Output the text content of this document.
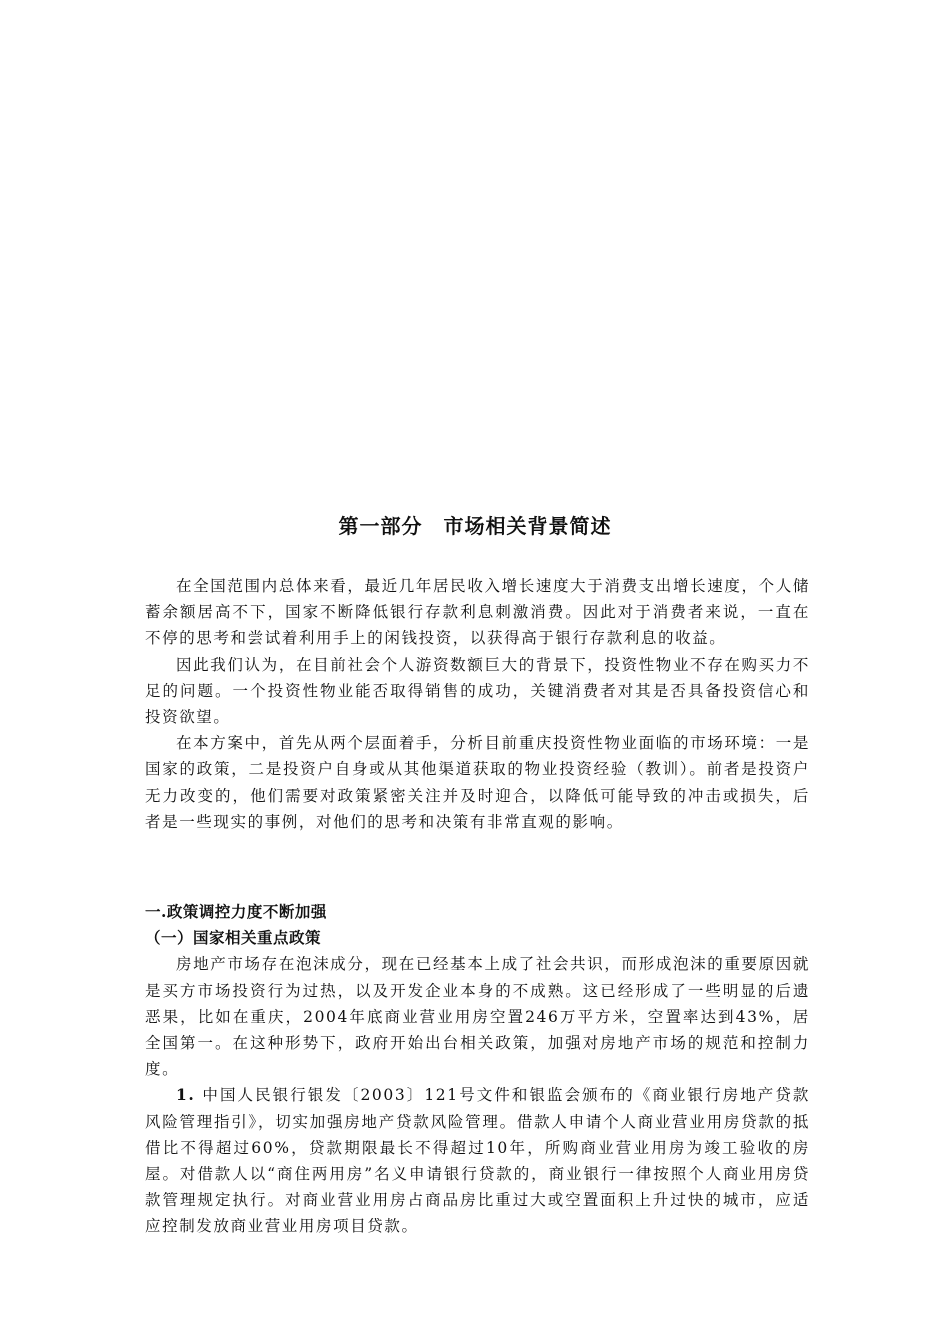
第一部分　市场相关背景简述

在全国范围内总体来看，最近几年居民收入增长速度大于消费支出增长速度，个人储蓄余额居高不下，国家不断降低银行存款利息刺激消费。因此对于消费者来说，一直在不停的思考和尝试着利用手上的闲钱投资，以获得高于银行存款利息的收益。

因此我们认为，在目前社会个人游资数额巨大的背景下，投资性物业不存在购买力不足的问题。一个投资性物业能否取得销售的成功，关键消费者对其是否具备投资信心和投资欲望。

在本方案中，首先从两个层面着手，分析目前重庆投资性物业面临的市场环境：一是国家的政策，二是投资户自身或从其他渠道获取的物业投资经验（教训）。前者是投资户无力改变的，他们需要对政策紧密关注并及时迎合，以降低可能导致的冲击或损失，后者是一些现实的事例，对他们的思考和决策有非常直观的影响。

一.政策调控力度不断加强

（一）国家相关重点政策

房地产市场存在泡沫成分，现在已经基本上成了社会共识，而形成泡沫的重要原因就是买方市场投资行为过热，以及开发企业本身的不成熟。这已经形成了一些明显的后遗恶果，比如在重庆，2004年底商业营业用房空置246万平方米，空置率达到43%，居全国第一。在这种形势下，政府开始出台相关政策，加强对房地产市场的规范和控制力度。

1. 中国人民银行银发〔2003〕121号文件和银监会颁布的《商业银行房地产贷款风险管理指引》，切实加强房地产贷款风险管理。借款人申请个人商业营业用房贷款的抵借比不得超过60%，贷款期限最长不得超过10年，所购商业营业用房为竣工验收的房屋。对借款人以“商住两用房”名义申请银行贷款的，商业银行一律按照个人商业用房贷款管理规定执行。对商业营业用房占商品房比重过大或空置面积上升过快的城市，应适应控制发放商业营业用房项目贷款。
